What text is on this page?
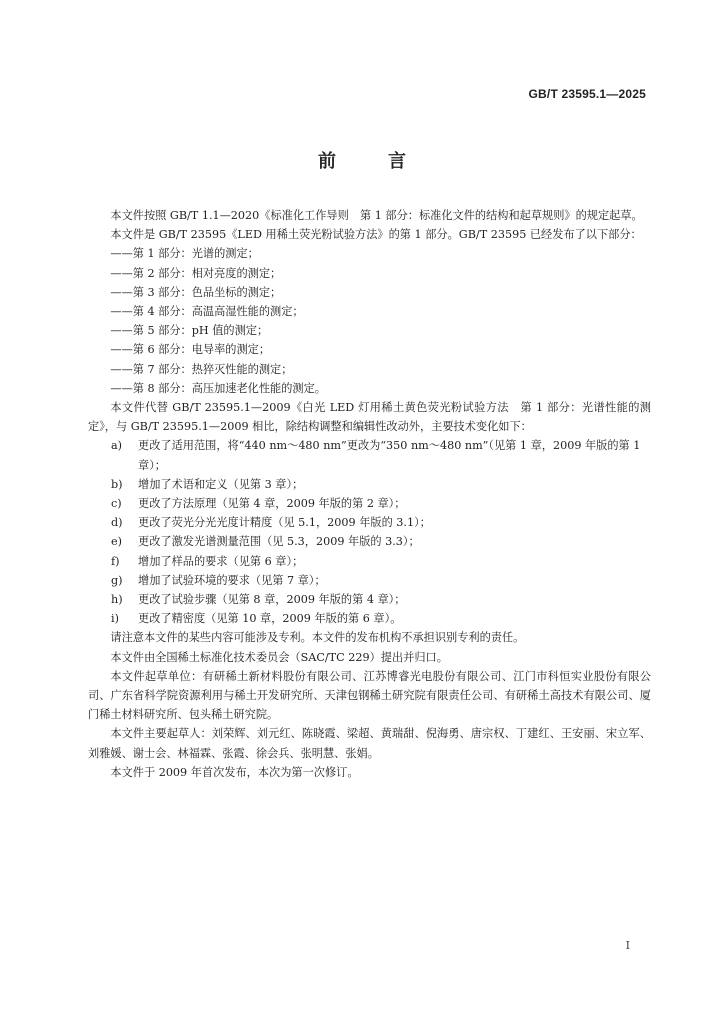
GB/T 23595.1—2025
前	言

本文件按照 GB/T 1.1—2020《标准化工作导则　第 1 部分：标准化文件的结构和起草规则》的规定起草。

本文件是 GB/T 23595《LED 用稀土荧光粉试验方法》的第 1 部分。GB/T 23595 已经发布了以下部分：

——第 1 部分：光谱的测定；

——第 2 部分：相对亮度的测定；

——第 3 部分：色品坐标的测定；

——第 4 部分：高温高湿性能的测定；

——第 5 部分：pH 值的测定；

——第 6 部分：电导率的测定；

——第 7 部分：热猝灭性能的测定；

——第 8 部分：高压加速老化性能的测定。

本文件代替 GB/T 23595.1—2009《白光 LED 灯用稀土黄色荧光粉试验方法　第 1 部分：光谱性能的测定》，与 GB/T 23595.1—2009 相比，除结构调整和编辑性改动外，主要技术变化如下：

a) 更改了适用范围，将“440 nm～480 nm”更改为“350 nm～480 nm”（见第 1 章，2009 年版的第 1 章）；

b) 增加了术语和定义（见第 3 章）；

c) 更改了方法原理（见第 4 章，2009 年版的第 2 章）；

d) 更改了荧光分光光度计精度（见 5.1，2009 年版的 3.1）；

e) 更改了激发光谱测量范围（见 5.3，2009 年版的 3.3）；

f) 增加了样品的要求（见第 6 章）；

g) 增加了试验环境的要求（见第 7 章）；

h) 更改了试验步骤（见第 8 章，2009 年版的第 4 章）；

i) 更改了精密度（见第 10 章，2009 年版的第 6 章）。

请注意本文件的某些内容可能涉及专利。本文件的发布机构不承担识别专利的责任。

本文件由全国稀土标准化技术委员会（SAC/TC 229）提出并归口。

本文件起草单位：有研稀土新材料股份有限公司、江苏博睿光电股份有限公司、江门市科恒实业股份有限公司、广东省科学院资源利用与稀土开发研究所、天津包钢稀土研究院有限责任公司、有研稀土高技术有限公司、厦门稀土材料研究所、包头稀土研究院。

本文件主要起草人：刘荣辉、刘元红、陈晓霞、梁超、黄瑞甜、倪海勇、唐宗权、丁建红、王安丽、宋立军、刘雅媛、谢士会、林福霖、张霞、徐会兵、张明慧、张娟。

本文件于 2009 年首次发布，本次为第一次修订。

I
